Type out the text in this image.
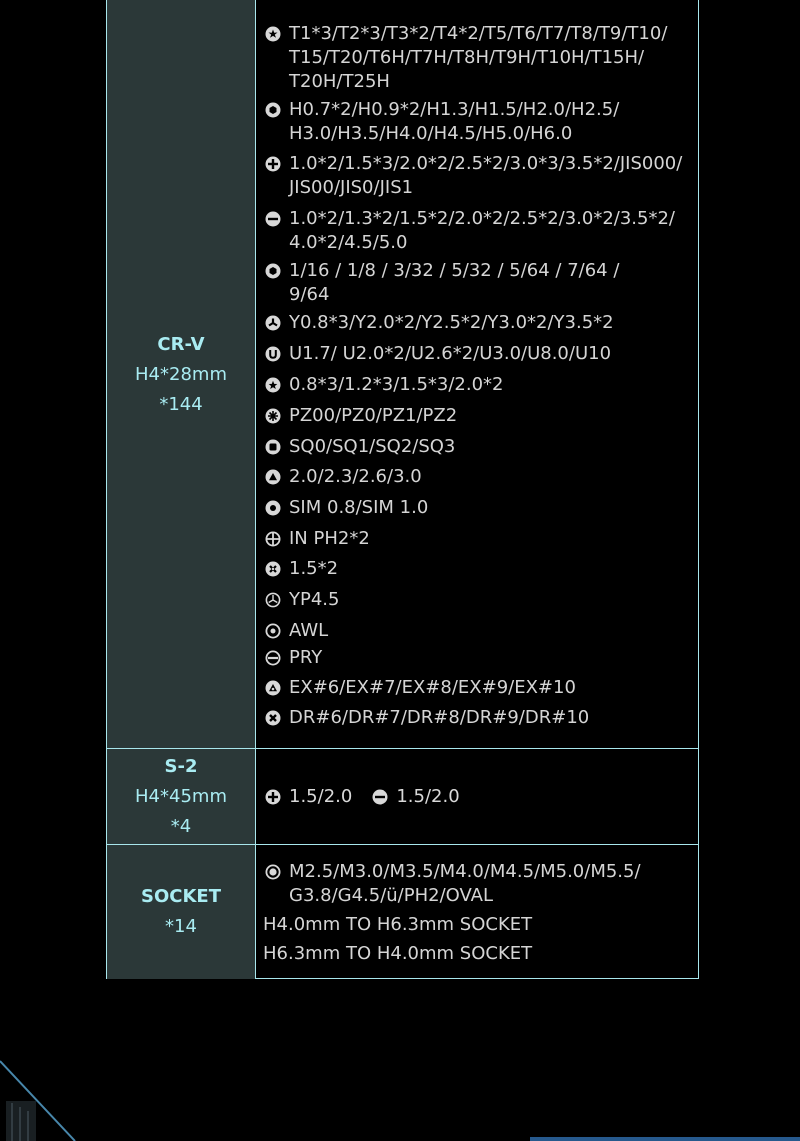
CR-V
H4*28mm
*144
T1*3/T2*3/T3*2/T4*2/T5/T6/T7/T8/T9/T10/ T15/T20/T6H/T7H/T8H/T9H/T10H/T15H/ T20H/T25H
H0.7*2/H0.9*2/H1.3/H1.5/H2.0/H2.5/ H3.0/H3.5/H4.0/H4.5/H5.0/H6.0
1.0*2/1.5*3/2.0*2/2.5*2/3.0*3/3.5*2/JIS000/ JIS00/JIS0/JIS1
1.0*2/1.3*2/1.5*2/2.0*2/2.5*2/3.0*2/3.5*2/ 4.0*2/4.5/5.0
1/16 / 1/8 / 3/32 / 5/32 / 5/64 / 7/64 / 9/64
Y0.8*3/Y2.0*2/Y2.5*2/Y3.0*2/Y3.5*2
U1.7/ U2.0*2/U2.6*2/U3.0/U8.0/U10
0.8*3/1.2*3/1.5*3/2.0*2
PZ00/PZ0/PZ1/PZ2
SQ0/SQ1/SQ2/SQ3
2.0/2.3/2.6/3.0
SIM 0.8/SIM 1.0
IN PH2*2
1.5*2
YP4.5
AWL
PRY
EX#6/EX#7/EX#8/EX#9/EX#10
DR#6/DR#7/DR#8/DR#9/DR#10
S-2
H4*45mm
*4
1.5/2.0 1.5/2.0
SOCKET
*14
M2.5/M3.0/M3.5/M4.0/M4.5/M5.0/M5.5/ G3.8/G4.5/ü/PH2/OVAL
H4.0mm TO H6.3mm SOCKET
H6.3mm TO H4.0mm SOCKET
